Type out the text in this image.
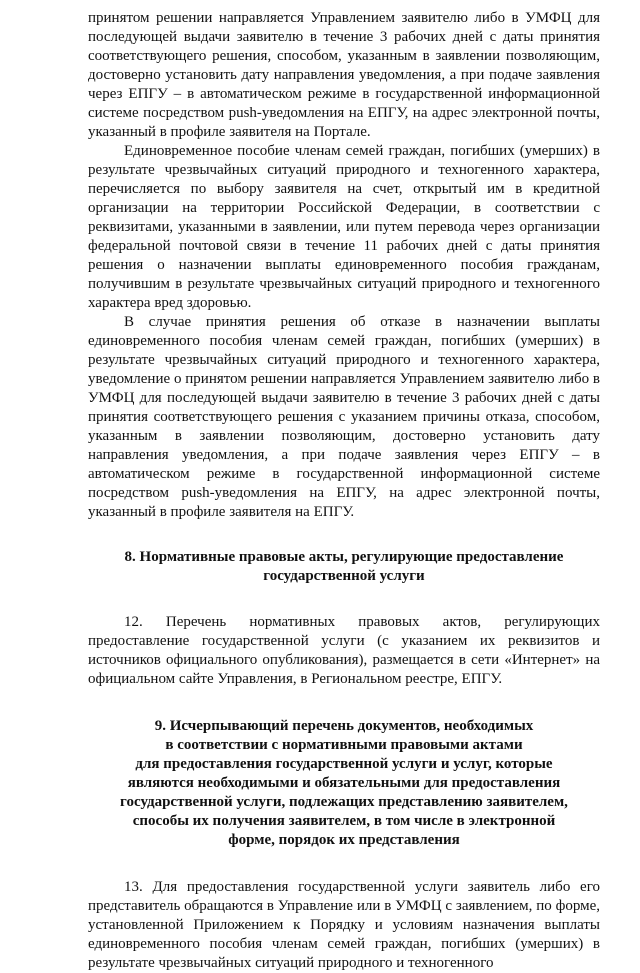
принятом решении направляется Управлением заявителю либо в УМФЦ для последующей выдачи заявителю в течение 3 рабочих дней с даты принятия соответствующего решения, способом, указанным в заявлении позволяющим, достоверно установить дату направления уведомления, а при подаче заявления через ЕПГУ – в автоматическом режиме в государственной информационной системе посредством push-уведомления на ЕПГУ, на адрес электронной почты, указанный в профиле заявителя на Портале.

Единовременное пособие членам семей граждан, погибших (умерших) в результате чрезвычайных ситуаций природного и техногенного характера, перечисляется по выбору заявителя на счет, открытый им в кредитной организации на территории Российской Федерации, в соответствии с реквизитами, указанными в заявлении, или путем перевода через организации федеральной почтовой связи в течение 11 рабочих дней с даты принятия решения о назначении выплаты единовременного пособия гражданам, получившим в результате чрезвычайных ситуаций природного и техногенного характера вред здоровью.

В случае принятия решения об отказе в назначении выплаты единовременного пособия членам семей граждан, погибших (умерших) в результате чрезвычайных ситуаций природного и техногенного характера, уведомление о принятом решении направляется Управлением заявителю либо в УМФЦ для последующей выдачи заявителю в течение 3 рабочих дней с даты принятия соответствующего решения с указанием причины отказа, способом, указанным в заявлении позволяющим, достоверно установить дату направления уведомления, а при подаче заявления через ЕПГУ – в автоматическом режиме в государственной информационной системе посредством push-уведомления на ЕПГУ, на адрес электронной почты, указанный в профиле заявителя на ЕПГУ.

8. Нормативные правовые акты, регулирующие предоставление
государственной услуги

12. Перечень нормативных правовых актов, регулирующих предоставление государственной услуги (с указанием их реквизитов и источников официального опубликования), размещается в сети «Интернет» на официальном сайте Управления, в Региональном реестре, ЕПГУ.

9. Исчерпывающий перечень документов, необходимых
в соответствии с нормативными правовыми актами
для предоставления государственной услуги и услуг, которые
являются необходимыми и обязательными для предоставления
государственной услуги, подлежащих представлению заявителем,
способы их получения заявителем, в том числе в электронной
форме, порядок их представления

13. Для предоставления государственной услуги заявитель либо его представитель обращаются в Управление или в УМФЦ с заявлением, по форме, установленной Приложением к Порядку и условиям назначения выплаты единовременного пособия членам семей граждан, погибших (умерших) в результате чрезвычайных ситуаций природного и техногенного
